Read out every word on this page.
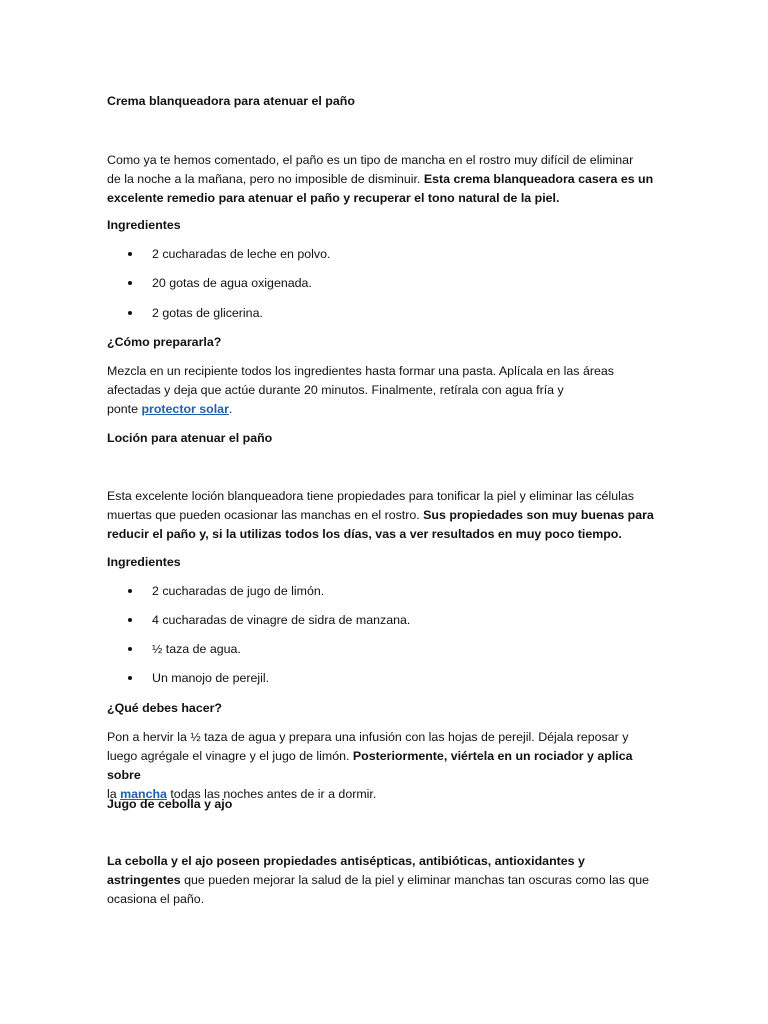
Crema blanqueadora para atenuar el paño

Como ya te hemos comentado, el paño es un tipo de mancha en el rostro muy difícil de eliminar
de la noche a la mañana, pero no imposible de disminuir. Esta crema blanqueadora casera es un
excelente remedio para atenuar el paño y recuperar el tono natural de la piel.

Ingredientes

2 cucharadas de leche en polvo.
20 gotas de agua oxigenada.
2 gotas de glicerina.

¿Cómo prepararla?

Mezcla en un recipiente todos los ingredientes hasta formar una pasta. Aplícala en las áreas
afectadas y deja que actúe durante 20 minutos. Finalmente, retírala con agua fría y
ponte protector solar.

Loción para atenuar el paño

Esta excelente loción blanqueadora tiene propiedades para tonificar la piel y eliminar las células
muertas que pueden ocasionar las manchas en el rostro. Sus propiedades son muy buenas para
reducir el paño y, si la utilizas todos los días, vas a ver resultados en muy poco tiempo.

Ingredientes

2 cucharadas de jugo de limón.
4 cucharadas de vinagre de sidra de manzana.
½ taza de agua.
Un manojo de perejil.

¿Qué debes hacer?

Pon a hervir la ½ taza de agua y prepara una infusión con las hojas de perejil. Déjala reposar y
luego agrégale el vinagre y el jugo de limón. Posteriormente, viértela en un rociador y aplica sobre
la mancha todas las noches antes de ir a dormir.

Jugo de cebolla y ajo

La cebolla y el ajo poseen propiedades antisépticas, antibióticas, antioxidantes y
astringentes que pueden mejorar la salud de la piel y eliminar manchas tan oscuras como las que
ocasiona el paño.
